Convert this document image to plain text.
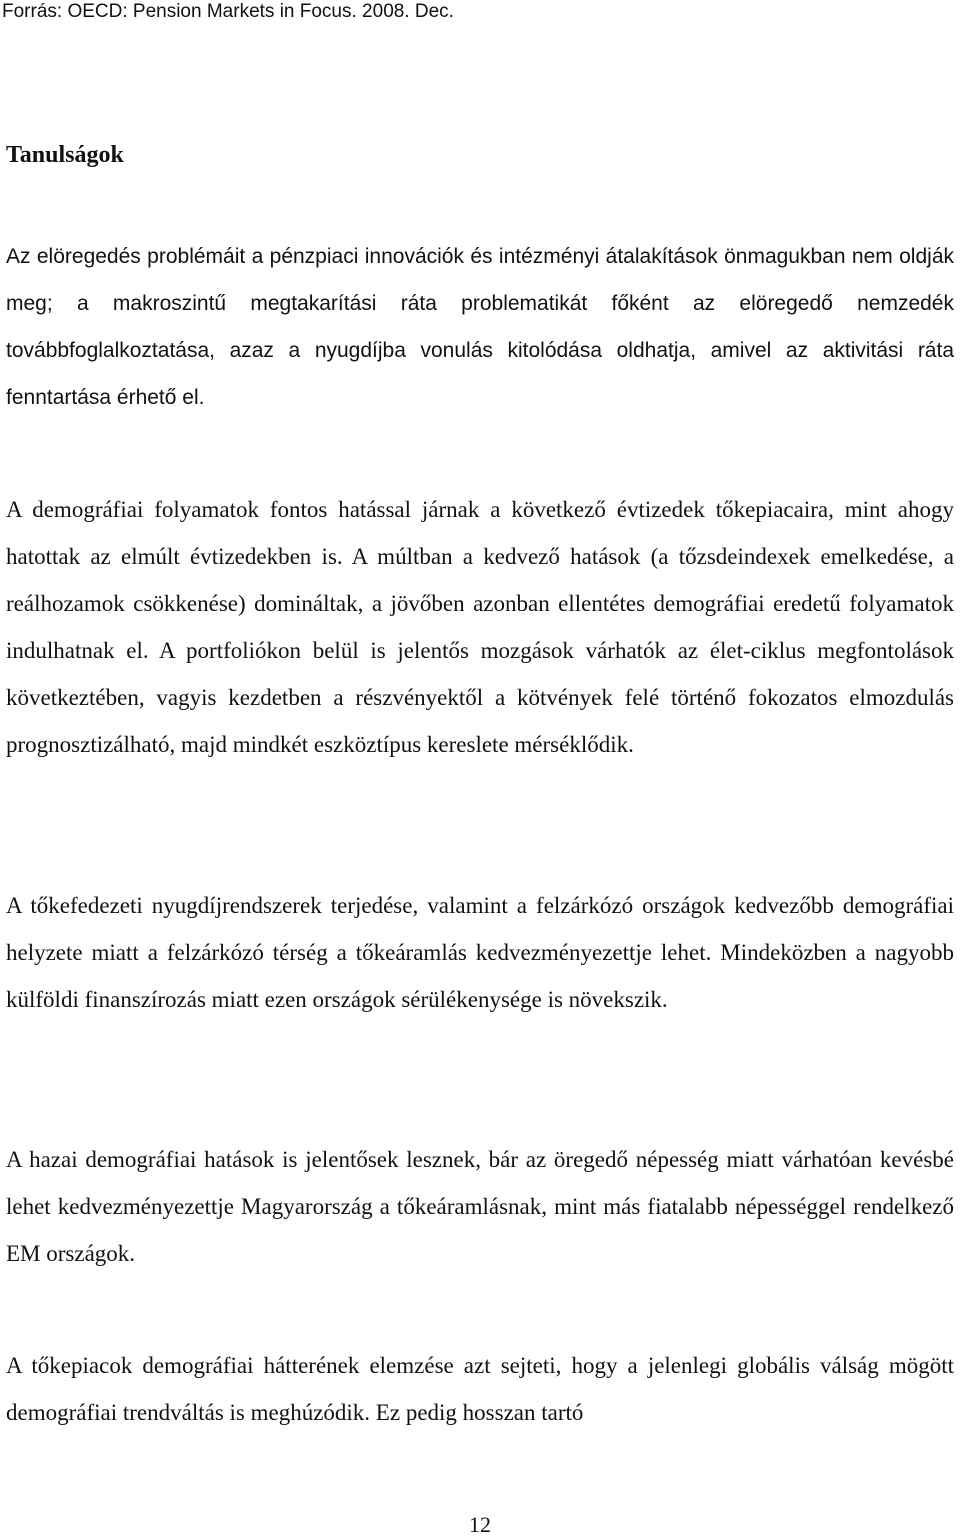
Forrás: OECD: Pension Markets in Focus. 2008. Dec.

Tanulságok

Az elöregedés problémáit a pénzpiaci innovációk és intézményi átalakítások önmagukban nem oldják meg; a makroszintű megtakarítási ráta problematikát főként az elöregedő nemzedék továbbfoglalkoztatása, azaz a nyugdíjba vonulás kitolódása oldhatja, amivel az aktivitási ráta fenntartása érhető el.

A demográfiai folyamatok fontos hatással járnak a következő évtizedek tőkepiacaira, mint ahogy hatottak az elmúlt évtizedekben is. A múltban a kedvező hatások (a tőzsdeindexek emelkedése, a reálhozamok csökkenése) domináltak, a jövőben azonban ellentétes demográfiai eredetű folyamatok indulhatnak el. A portfoliókon belül is jelentős mozgások várhatók az élet-ciklus megfontolások következtében, vagyis kezdetben a részvényektől a kötvények felé történő fokozatos elmozdulás prognosztizálható, majd mindkét eszköztípus kereslete mérséklődik.

A tőkefedezeti nyugdíjrendszerek terjedése, valamint a felzárkózó országok kedvezőbb demográfiai helyzete miatt a felzárkózó térség a tőkeáramlás kedvezményezettje lehet. Mindeközben a nagyobb külföldi finanszírozás miatt ezen országok sérülékenysége is növekszik.

A hazai demográfiai hatások is jelentősek lesznek, bár az öregedő népesség miatt várhatóan kevésbé lehet kedvezményezettje Magyarország a tőkeáramlásnak, mint más fiatalabb népességgel rendelkező EM országok.

A tőkepiacok demográfiai hátterének elemzése azt sejteti, hogy a jelenlegi globális válság mögött demográfiai trendváltás is meghúzódik. Ez pedig hosszan tartó

12
